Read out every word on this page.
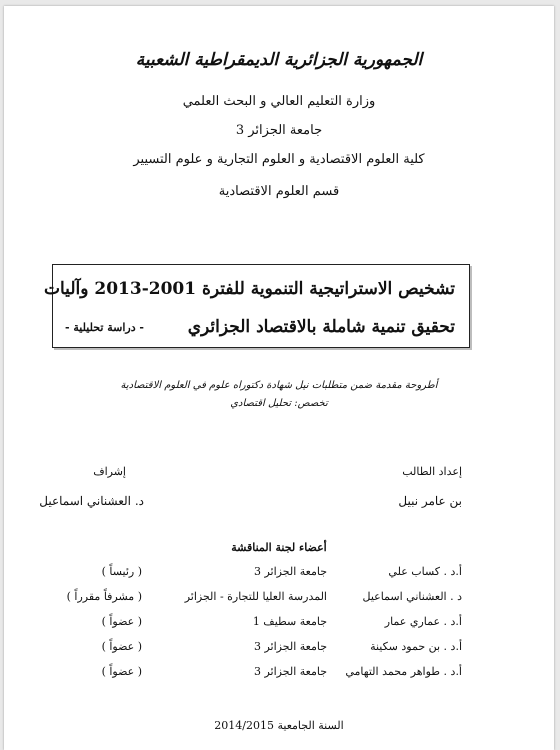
الجمهورية الجزائرية الديمقراطية الشعبية
وزارة التعليم العالي و البحث العلمي
جامعة الجزائر 3
كلية العلوم الاقتصادية و العلوم التجارية و علوم التسيير
قسم العلوم الاقتصادية
تشخيص الاستراتيجية التنموية للفترة 2001-2013 وآليات
تحقيق تنمية شاملة بالاقتصاد الجزائري
- دراسة تحليلية -
أطروحة مقدمة ضمن متطلبات نيل شهادة دكتوراه علوم في العلوم الاقتصادية
تخصص: تحليل اقتصادي
إعداد الطالب
بن عامر نبيل
إشراف
د. العشناني اسماعيل
أعضاء لجنة المناقشة
أ.د . كساب علي
جامعة الجزائر 3
( رئيساً )
د . العشناني اسماعيل
المدرسة العليا للتجارة - الجزائر
( مشرفاً مقرراً )
أ.د . عماري عمار
جامعة سطيف 1
( عضواً )
أ.د . بن حمود سكينة
جامعة الجزائر 3
( عضواً )
أ.د . طواهر محمد التهامي
جامعة الجزائر 3
( عضواً )
السنة الجامعية 2014/2015
